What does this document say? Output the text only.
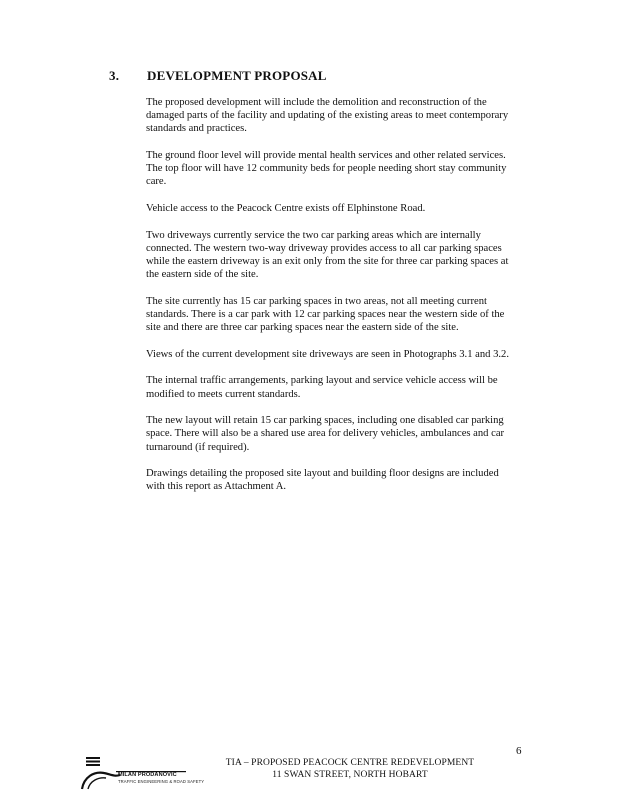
3. DEVELOPMENT PROPOSAL

The proposed development will include the demolition and reconstruction of the damaged parts of the facility and updating of the existing areas to meet contemporary standards and practices.

The ground floor level will provide mental health services and other related services. The top floor will have 12 community beds for people needing short stay community care.

Vehicle access to the Peacock Centre exists off Elphinstone Road.

Two driveways currently service the two car parking areas which are internally connected. The western two-way driveway provides access to all car parking spaces while the eastern driveway is an exit only from the site for three car parking spaces at the eastern side of the site.

The site currently has 15 car parking spaces in two areas, not all meeting current standards. There is a car park with 12 car parking spaces near the western side of the site and there are three car parking spaces near the eastern side of the site.

Views of the current development site driveways are seen in Photographs 3.1 and 3.2.

The internal traffic arrangements, parking layout and service vehicle access will be modified to meets current standards.

The new layout will retain 15 car parking spaces, including one disabled car parking space. There will also be a shared use area for delivery vehicles, ambulances and car turnaround (if required).

Drawings detailing the proposed site layout and building floor designs are included with this report as Attachment A.

6
TIA – PROPOSED PEACOCK CENTRE REDEVELOPMENT
11 SWAN STREET, NORTH HOBART
MILAN PRODANOVIC
TRAFFIC ENGINEERING & ROAD SAFETY
